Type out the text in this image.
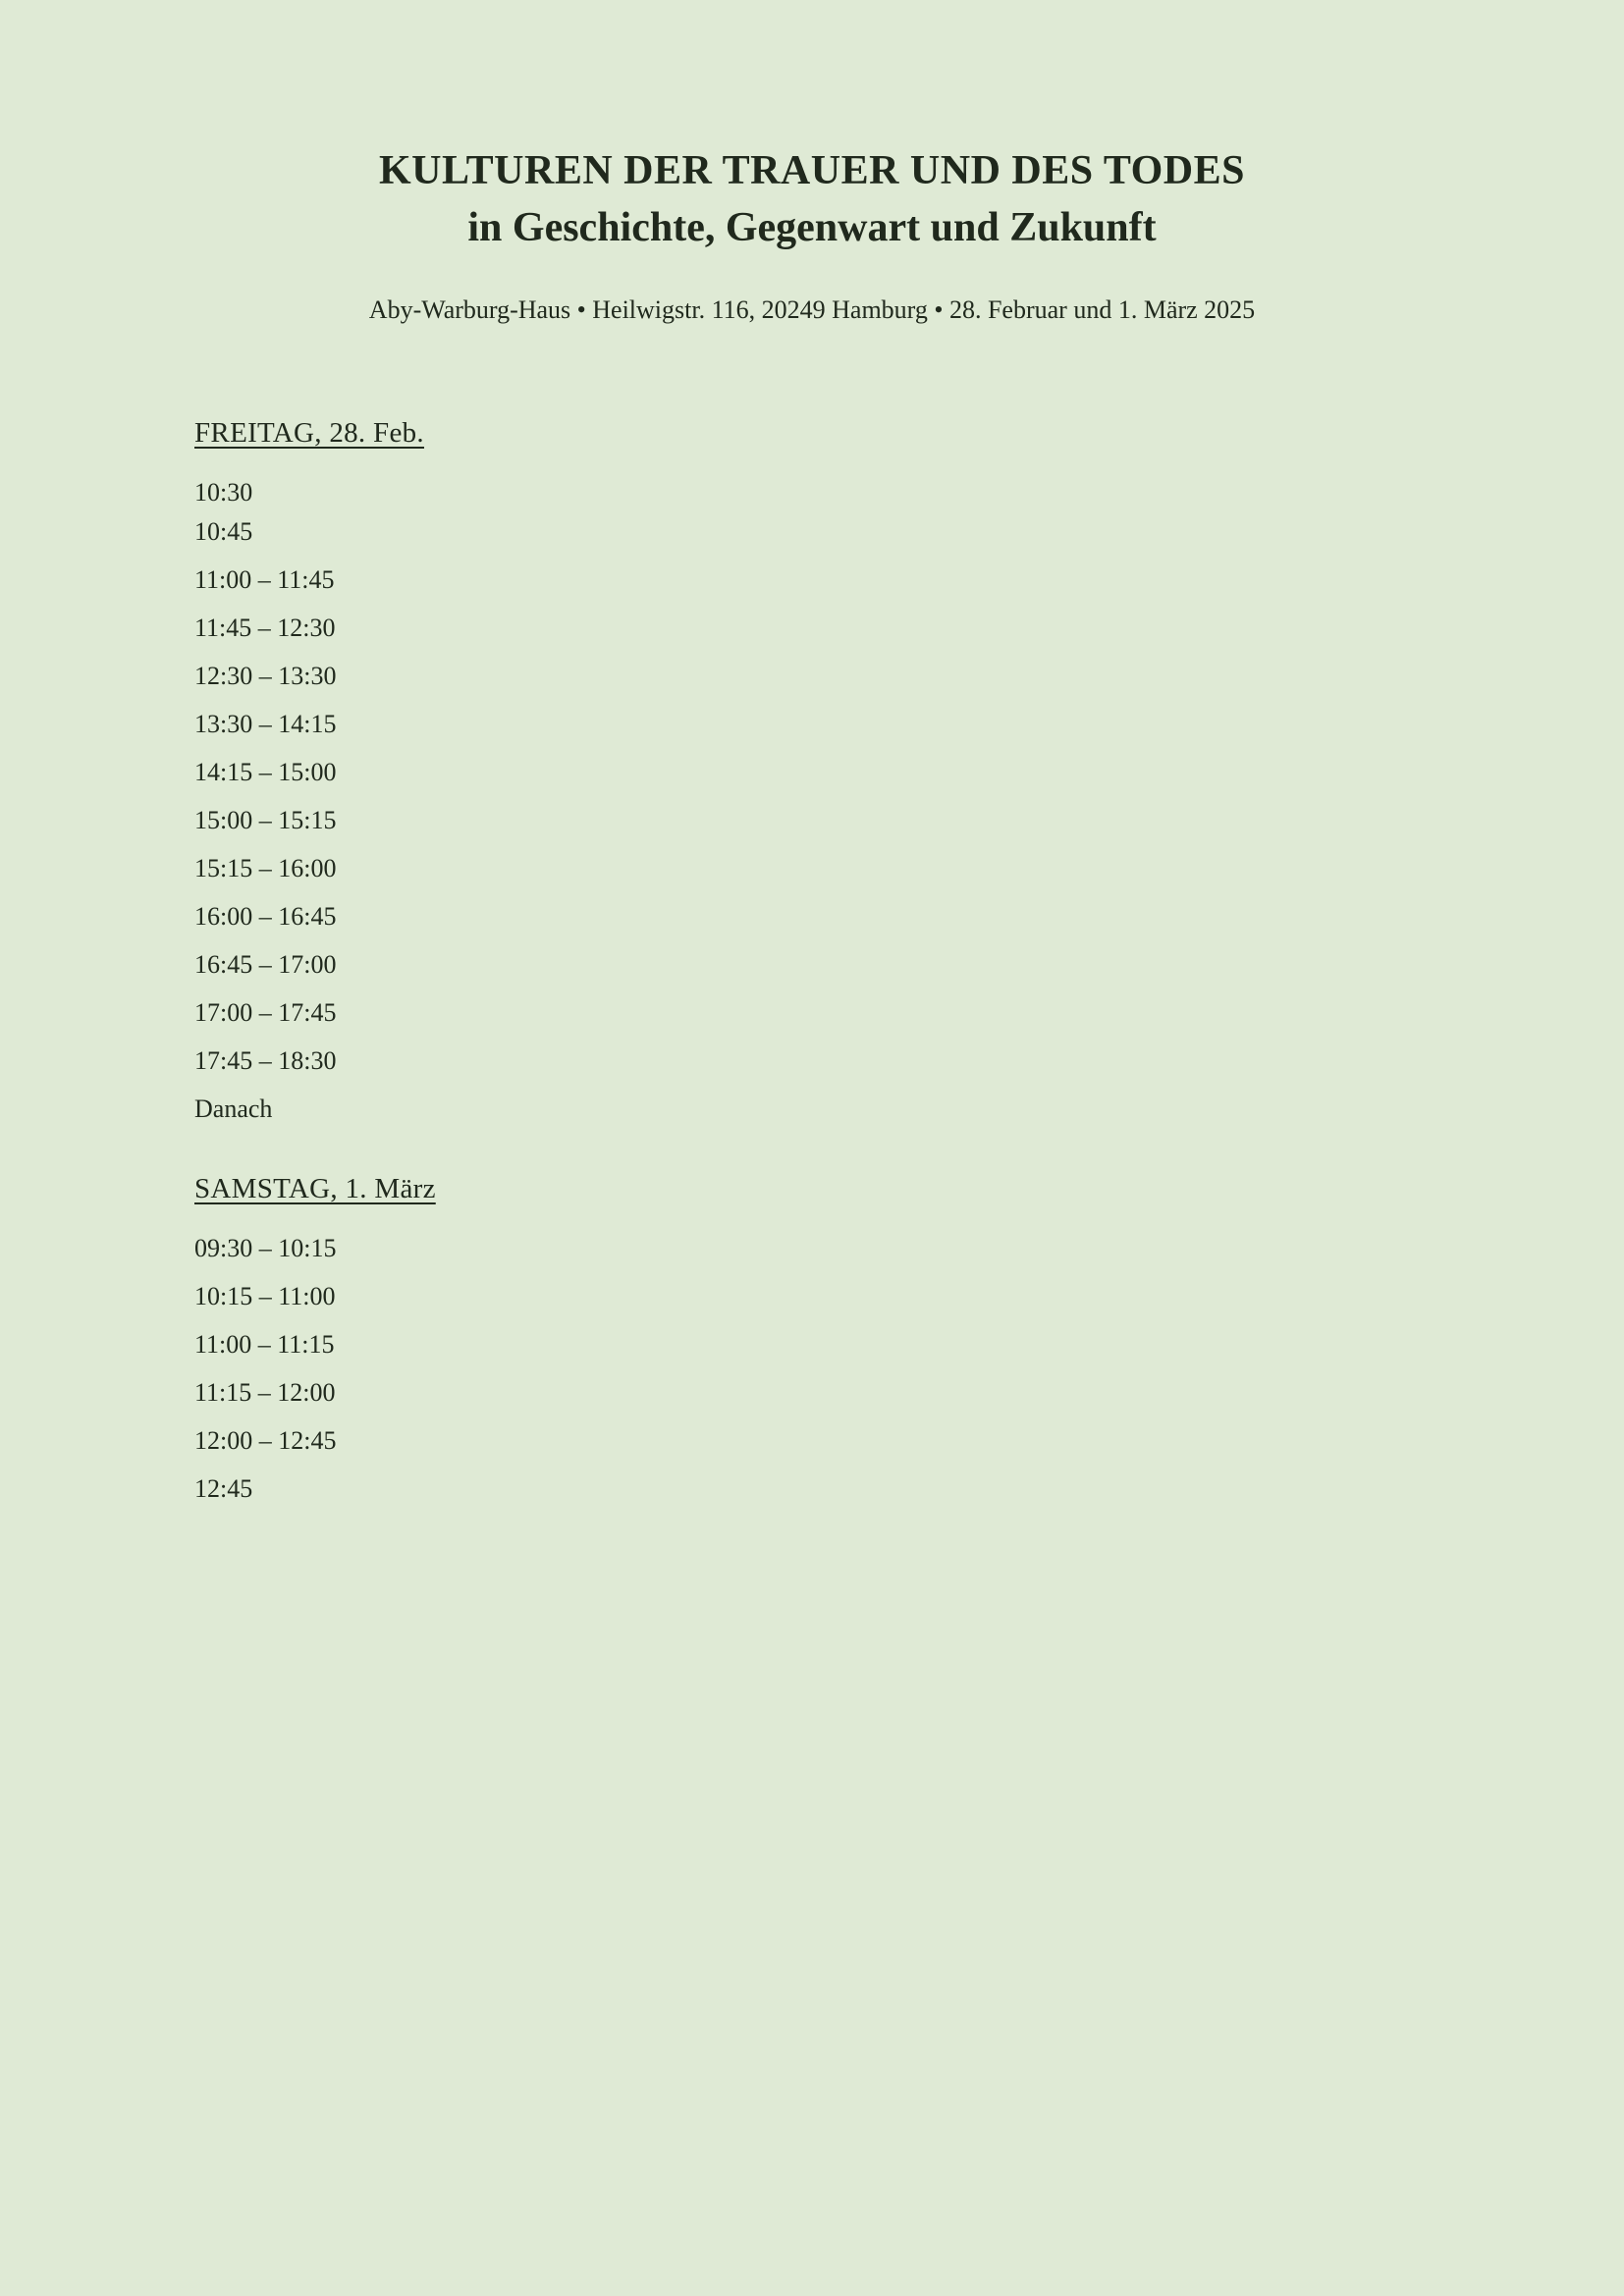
KULTUREN DER TRAUER UND DES TODES
in Geschichte, Gegenwart und Zukunft
Aby-Warburg-Haus • Heilwigstr. 116, 20249 Hamburg • 28. Februar und 1. März 2025
FREITAG, 28. Feb.
10:30
10:45
11:00 – 11:45
11:45 – 12:30
12:30 – 13:30
13:30 – 14:15
14:15 – 15:00
15:00 – 15:15
15:15 – 16:00
16:00 – 16:45
16:45 – 17:00
17:00 – 17:45
17:45 – 18:30
Danach
SAMSTAG, 1. März
09:30 – 10:15
10:15 – 11:00
11:00 – 11:15
11:15 – 12:00
12:00 – 12:45
12:45
